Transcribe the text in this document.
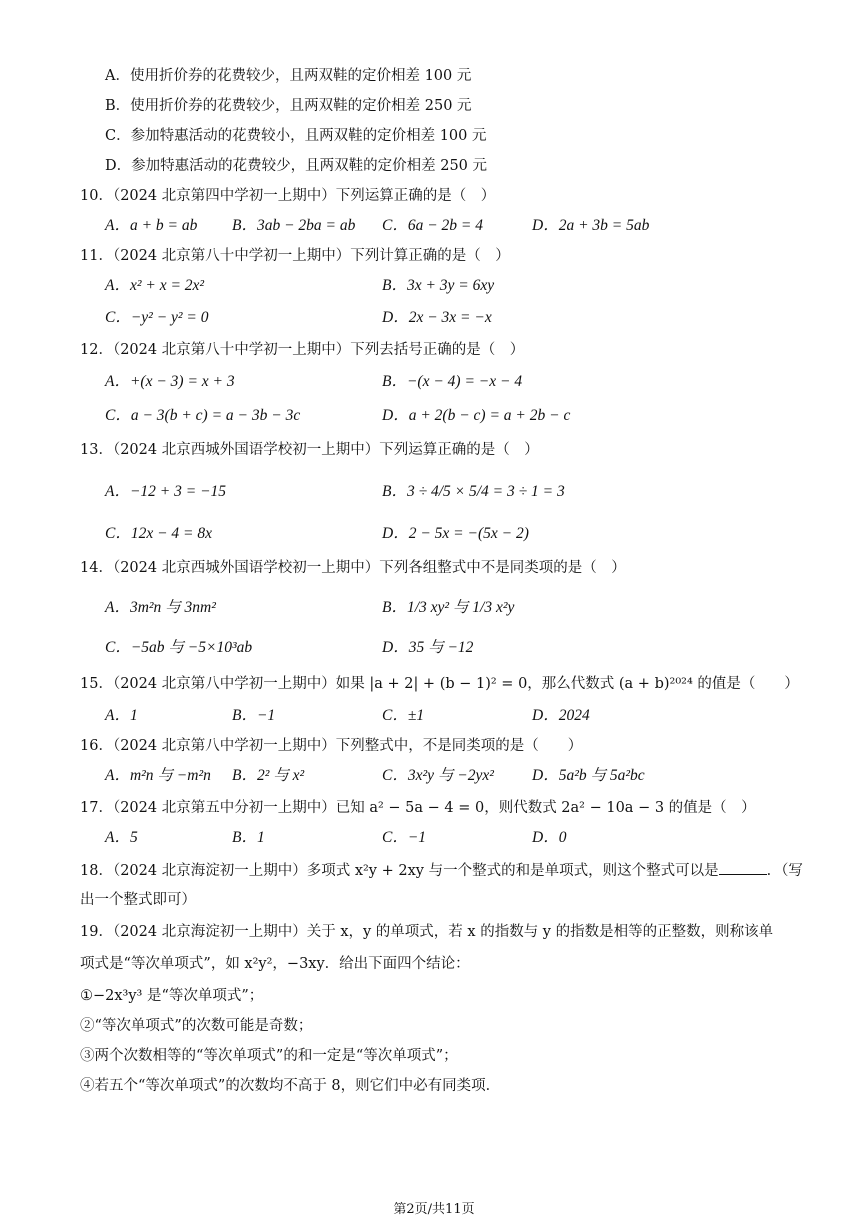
A．使用折价券的花费较少，且两双鞋的定价相差 100 元
B．使用折价券的花费较少，且两双鞋的定价相差 250 元
C．参加特惠活动的花费较小，且两双鞋的定价相差 100 元
D．参加特惠活动的花费较少，且两双鞋的定价相差 250 元
10．（2024 北京第四中学初一上期中）下列运算正确的是（　）
A．a + b = ab B．3ab − 2ba = ab C．6a − 2b = 4	D．2a + 3b = 5ab
11．（2024 北京第八十中学初一上期中）下列计算正确的是（　）
A．x² + x = 2x²	B．3x + 3y = 6xy
C．−y² − y² = 0	D．2x − 3x = −x
12．（2024 北京第八十中学初一上期中）下列去括号正确的是（　）
A．+(x − 3) = x + 3	B．−(x − 4) = −x − 4
C．a − 3(b + c) = a − 3b − 3c	D．a + 2(b − c) = a + 2b − c
13．（2024 北京西城外国语学校初一上期中）下列运算正确的是（　）
A．−12 + 3 = −15	B．3 ÷ 4/5 × 5/4 = 3 ÷ 1 = 3
C．12x − 4 = 8x	D．2 − 5x = −(5x − 2)
14．（2024 北京西城外国语学校初一上期中）下列各组整式中不是同类项的是（　）
A．3m²n 与 3nm²	B．1/3 xy² 与 1/3 x²y
C．−5ab 与 −5×10³ab	D．35 与 −12
15．（2024 北京第八中学初一上期中）如果 |a + 2| + (b − 1)² = 0，那么代数式 (a + b)²⁰²⁴ 的值是（　　）
A．1	B．−1	C．±1	D．2024
16．（2024 北京第八中学初一上期中）下列整式中，不是同类项的是（　　）
A．m²n 与 −m²n B．2² 与 x²	C．3x²y 与 −2yx² D．5a²b 与 5a²bc
17．（2024 北京第五中分初一上期中）已知 a² − 5a − 4 = 0，则代数式 2a² − 10a − 3 的值是（　）
A．5	B．1	C．−1	D．0
18．（2024 北京海淀初一上期中）多项式 x²y + 2xy 与一个整式的和是单项式，则这个整式可以是	．（写
出一个整式即可）
19．（2024 北京海淀初一上期中）关于 x，y 的单项式，若 x 的指数与 y 的指数是相等的正整数，则称该单
项式是“等次单项式”，如 x²y²，−3xy．给出下面四个结论：
①−2x³y³ 是“等次单项式”；
②“等次单项式”的次数可能是奇数；
③两个次数相等的“等次单项式”的和一定是“等次单项式”；
④若五个“等次单项式”的次数均不高于 8，则它们中必有同类项．
第2页/共11页
